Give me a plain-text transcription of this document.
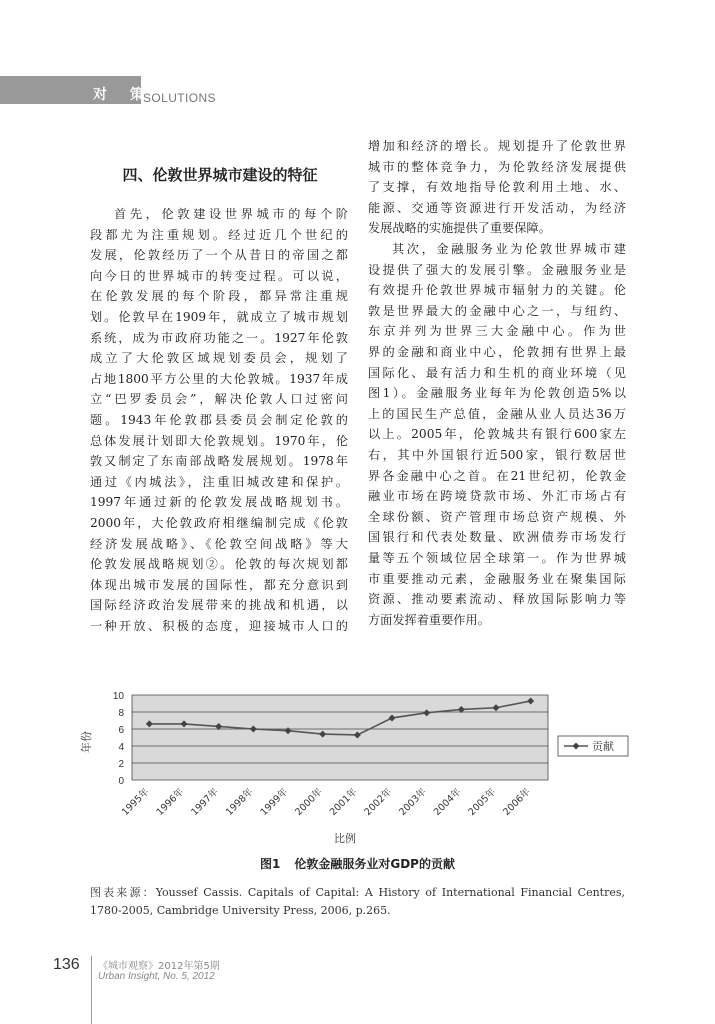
对 策
SOLUTIONS
四、伦敦世界城市建设的特征
首先，伦敦建设世界城市的每个阶
段都尤为注重规划。经过近几个世纪的
发展，伦敦经历了一个从昔日的帝国之都
向今日的世界城市的转变过程。可以说，
在伦敦发展的每个阶段，都异常注重规
划。伦敦早在1909年，就成立了城市规划
系统，成为市政府功能之一。1927年伦敦
成立了大伦敦区域规划委员会，规划了
占地1800平方公里的大伦敦城。1937年成
立“巴罗委员会”，解决伦敦人口过密问
题。1943年伦敦郡县委员会制定伦敦的
总体发展计划即大伦敦规划。1970年，伦
敦又制定了东南部战略发展规划。1978年
通过《内城法》，注重旧城改建和保护。
1997年通过新的伦敦发展战略规划书。
2000年，大伦敦政府相继编制完成《伦敦
经济发展战略》、《伦敦空间战略》等大
伦敦发展战略规划②。伦敦的每次规划都
体现出城市发展的国际性，都充分意识到
国际经济政治发展带来的挑战和机遇，以
一种开放、积极的态度，迎接城市人口的
增加和经济的增长。规划提升了伦敦世界
城市的整体竞争力，为伦敦经济发展提供
了支撑，有效地指导伦敦利用土地、水、
能源、交通等资源进行开发活动，为经济
发展战略的实施提供了重要保障。
其次，金融服务业为伦敦世界城市建
设提供了强大的发展引擎。金融服务业是
有效提升伦敦世界城市辐射力的关键。伦
敦是世界最大的金融中心之一，与纽约、
东京并列为世界三大金融中心。作为世
界的金融和商业中心，伦敦拥有世界上最
国际化、最有活力和生机的商业环境（见
图1）。金融服务业每年为伦敦创造5%以
上的国民生产总值，金融从业人员达36万
以上。2005年，伦敦城共有银行600家左
右，其中外国银行近500家，银行数居世
界各金融中心之首。在21世纪初，伦敦金
融业市场在跨境贷款市场、外汇市场占有
全球份额、资产管理市场总资产规模、外
国银行和代表处数量、欧洲债券市场发行
量等五个领域位居全球第一。作为世界城
市重要推动元素，金融服务业在聚集国际
资源、推动要素流动、释放国际影响力等
方面发挥着重要作用。
0
2
4
6
8
10
年份
1995年 1996年 1997年 1998年 1999年 2000年 2001年 2002年 2003年 2004年 2005年 2006年
比例
贡献
图1 伦敦金融服务业对GDP的贡献
图表来源：Youssef Cassis. Capitals of Capital: A History of International Financial Centres, 1780-2005, Cambridge University Press, 2006, p.265.
136 《城市观察》2012年第5期
Urban Insight, No. 5, 2012
